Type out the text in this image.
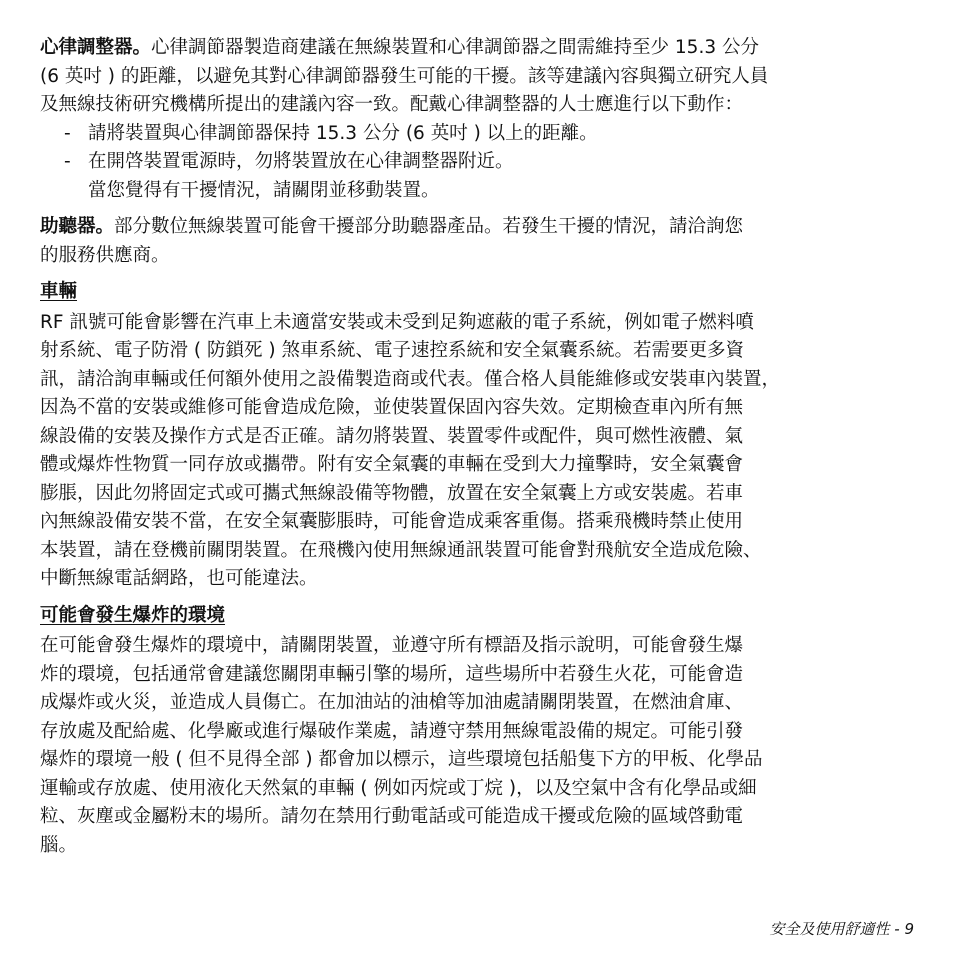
心律調整器。心律調節器製造商建議在無線裝置和心律調節器之間需維持至少 15.3 公分
(6 英吋 ) 的距離，以避免其對心律調節器發生可能的干擾。該等建議內容與獨立研究人員
及無線技術研究機構所提出的建議內容一致。配戴心律調整器的人士應進行以下動作：

- 請將裝置與心律調節器保持 15.3 公分 (6 英吋 ) 以上的距離。
- 在開啓裝置電源時，勿將裝置放在心律調整器附近。
當您覺得有干擾情況，請關閉並移動裝置。

助聽器。部分數位無線裝置可能會干擾部分助聽器產品。若發生干擾的情況，請洽詢您
的服務供應商。

車輛

RF 訊號可能會影響在汽車上未適當安裝或未受到足夠遮蔽的電子系統，例如電子燃料噴
射系統、電子防滑 ( 防鎖死 ) 煞車系統、電子速控系統和安全氣囊系統。若需要更多資
訊，請洽詢車輛或任何額外使用之設備製造商或代表。僅合格人員能維修或安裝車內裝置，
因為不當的安裝或維修可能會造成危險，並使裝置保固內容失效。定期檢查車內所有無
線設備的安裝及操作方式是否正確。請勿將裝置、裝置零件或配件，與可燃性液體、氣
體或爆炸性物質一同存放或攜帶。附有安全氣囊的車輛在受到大力撞擊時，安全氣囊會
膨脹，因此勿將固定式或可攜式無線設備等物體，放置在安全氣囊上方或安裝處。若車
內無線設備安裝不當，在安全氣囊膨脹時，可能會造成乘客重傷。搭乘飛機時禁止使用
本裝置，請在登機前關閉裝置。在飛機內使用無線通訊裝置可能會對飛航安全造成危險、
中斷無線電話網路，也可能違法。

可能會發生爆炸的環境

在可能會發生爆炸的環境中，請關閉裝置，並遵守所有標語及指示說明，可能會發生爆
炸的環境，包括通常會建議您關閉車輛引擎的場所，這些場所中若發生火花，可能會造
成爆炸或火災，並造成人員傷亡。在加油站的油槍等加油處請關閉裝置，在燃油倉庫、
存放處及配給處、化學廠或進行爆破作業處，請遵守禁用無線電設備的規定。可能引發
爆炸的環境一般 ( 但不見得全部 ) 都會加以標示，這些環境包括船隻下方的甲板、化學品
運輸或存放處、使用液化天然氣的車輛 ( 例如丙烷或丁烷 )，以及空氣中含有化學品或細
粒、灰塵或金屬粉末的場所。請勿在禁用行動電話或可能造成干擾或危險的區域啓動電
腦。

安全及使用舒適性 - 9
